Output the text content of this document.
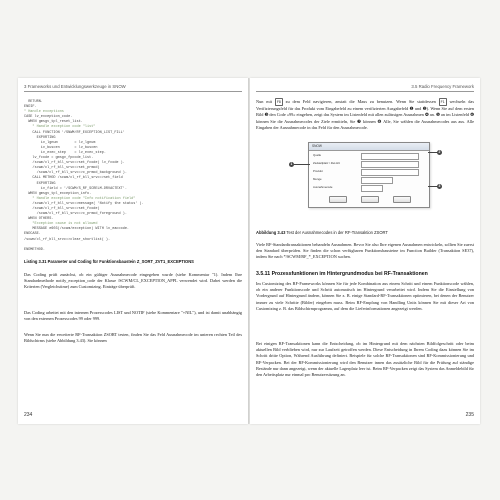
3 Frameworks und Entwicklungswerkzeuge in SNOW
RETURN.
ENDIF.
" Handle exceptions
CASE lv_exception_code.
WHEN gmsgv_tpl_reset_list.
" Handle exception code "list"
CALL FUNCTION '/SNWM/RF_EXCEPTION_LIST_FILL'
EXPORTING
iv_lgnum        = lv_lgnum
iv_buscen       = lv_buscen
iv_exec_step    = lv_exec_step.
lv_fcode = gmsgv_fpcode_list.
/scwm/cl_rf_bll_srvc=>set_fcode( lv_fcode ).
/scwm/cl_rf_bll_srvc=>set_prmod(
/scwm/cl_rf_bll_srvc=>c_prmod_background ).
CALL METHOD /scwm/cl_rf_bll_srvc=>set_field
EXPORTING
iv_field = '/SCWM/S_RF_SCRELM-DRVACTEXT'.
WHEN gmsgv_tpl_exception_info.
" Handle exception code "Info notification field"
/scwm/cl_rf_bll_srvc=>message( 'Notify the status' ).
/scwm/cl_rf_bll_srvc=>set_fcode(
/scwm/cl_rf_bll_srvc=>c_prmod_foreground ).
WHEN OTHERS.
"Exception cause is not allowed
MESSAGE e603(/scwm/exception) WITH lv_eaccode.
ENDCASE.
/scwm/cl_rf_bll_srvc=>clear_shortlist( ).

ENDMETHOD.
Listing 3.31 Parameter und Coding für Funktionsbaustein Z_SORT_ZVT1_EXCEPTIONS
Das Coding prüft zunächst, ob ein gültiger Ausnahmecode eingegeben wurde (siehe Kommentar "1). Indem Ihre Standardmethode notify_exception_code der Klasse /SCWM/CL_EXCEPTION_APPL verwendet wird. Dabei werden die Kriterien (Vergleichstime) zum Customizing. Einträge überprüft.
Das Coding arbeitet mit den internen Prozesscodes LIST und NOTIF (siehe Kommentare "+NIL"), und ist damit unabhängig von den externen Prozesscodes 99 oder 999.
Wenn Sie nun die erweiterte RF-Transaktion ZSORT testen, finden Sie das Feld Ausnahmecode im unteren rechten Teil des Bildschirms (siehe Abbildung 3.43). Sie können
234
3.5 Radio Frequency Framework
Nun mit F8 zu dem Feld navigieren, anstatt die Maus zu benutzen. Wenn Sie stattdessen F1 wechseln das Verifizierungsfeld für das Produkt vom Eingabefeld zu einem verifizierten Ausgabefeld ❶ und ❷). Wenn Sie auf dem ersten Bild ❸ den Code »99« eingeben, zeigt das System im Listenfeld mit allen zulässigen Ausnahmen ❹ an. ❺ an im Listenfeld ❻ können Sie die Ausnahmecodes der Ziele ermitteln, Sie ❼ können ❽ Alle, Sie wählen die Ausnahmecodes aus aus. Alle Eingaben der Ausnahmecode in das Feld für den Ausnahmecode.
SNOW
Quelle
Zielstellplatz / Ziel-HU
Produkt
Menge
Ausnahmecode
1
2
3
Abbildung 3.43 Test der Ausnahmecodes in der RF-Transaktion ZSORT
Viele RF-Standardtransaktionen behandeln Ausnahmen. Bevor Sie also Ihre eigenen Ausnahmen entwickeln, sollten Sie zuerst den Standard überprüfen. Sie finden die schon verfügbaren Funktionsbausteine im Function Builder (Transaktion SE37), indem Sie nach */SCWM/RF_*_EXCEPTION suchen.
3.5.11 Prozessfunktionen im Hintergrundmodus bei RF-Transaktionen
Im Customizing des RF-Frameworks können Sie für jede Kombination aus einem Schritt und einem Funktionscode wählen, ob ein anderer Funktionscode und Schritt automatisch im Hintergrund verarbeitet wird. Indem Sie die Einstellung von Vordergrund auf Hintergrund ändern, können Sie z. B. einige Standard-RF-Transaktionen optimieren, bei denen der Benutzer immer zu viele Schritte (Bilder) eingeben muss. Beim RF-Empfang von Handling Units können Sie mit dieser Art von Customizing z. B. das Bildschirmprogramm, auf dem die Lieferinformationen angezeigt werden.
Bei einigen RF-Transaktionen kann die Entscheidung, ob im Hintergrund mit dem nächsten Bildfolgeschritt oder beim aktuellen Bild verblieben wird, nur zur Laufzeit getroffen werden. Diese Entscheidung in Ihrem Coding dazu können Sie im Schritt dritte Option, Während Ausführung definiert. Beispiele für solche RF-Transaktionen sind RF-Kommissionierung und RF-Verpacken. Bei der RF-Kommissionierung wird den Benutzer innen das zusätzliche Bild für die Prüfung auf ständige Bestände nur dann angezeigt, wenn der aktuelle Lagerplatz leer ist. Beim RF-Verpacken zeigt das System das Anmeldebild für den Arbeitsplatz nur einmal pro Benutzersitzung an.
235
